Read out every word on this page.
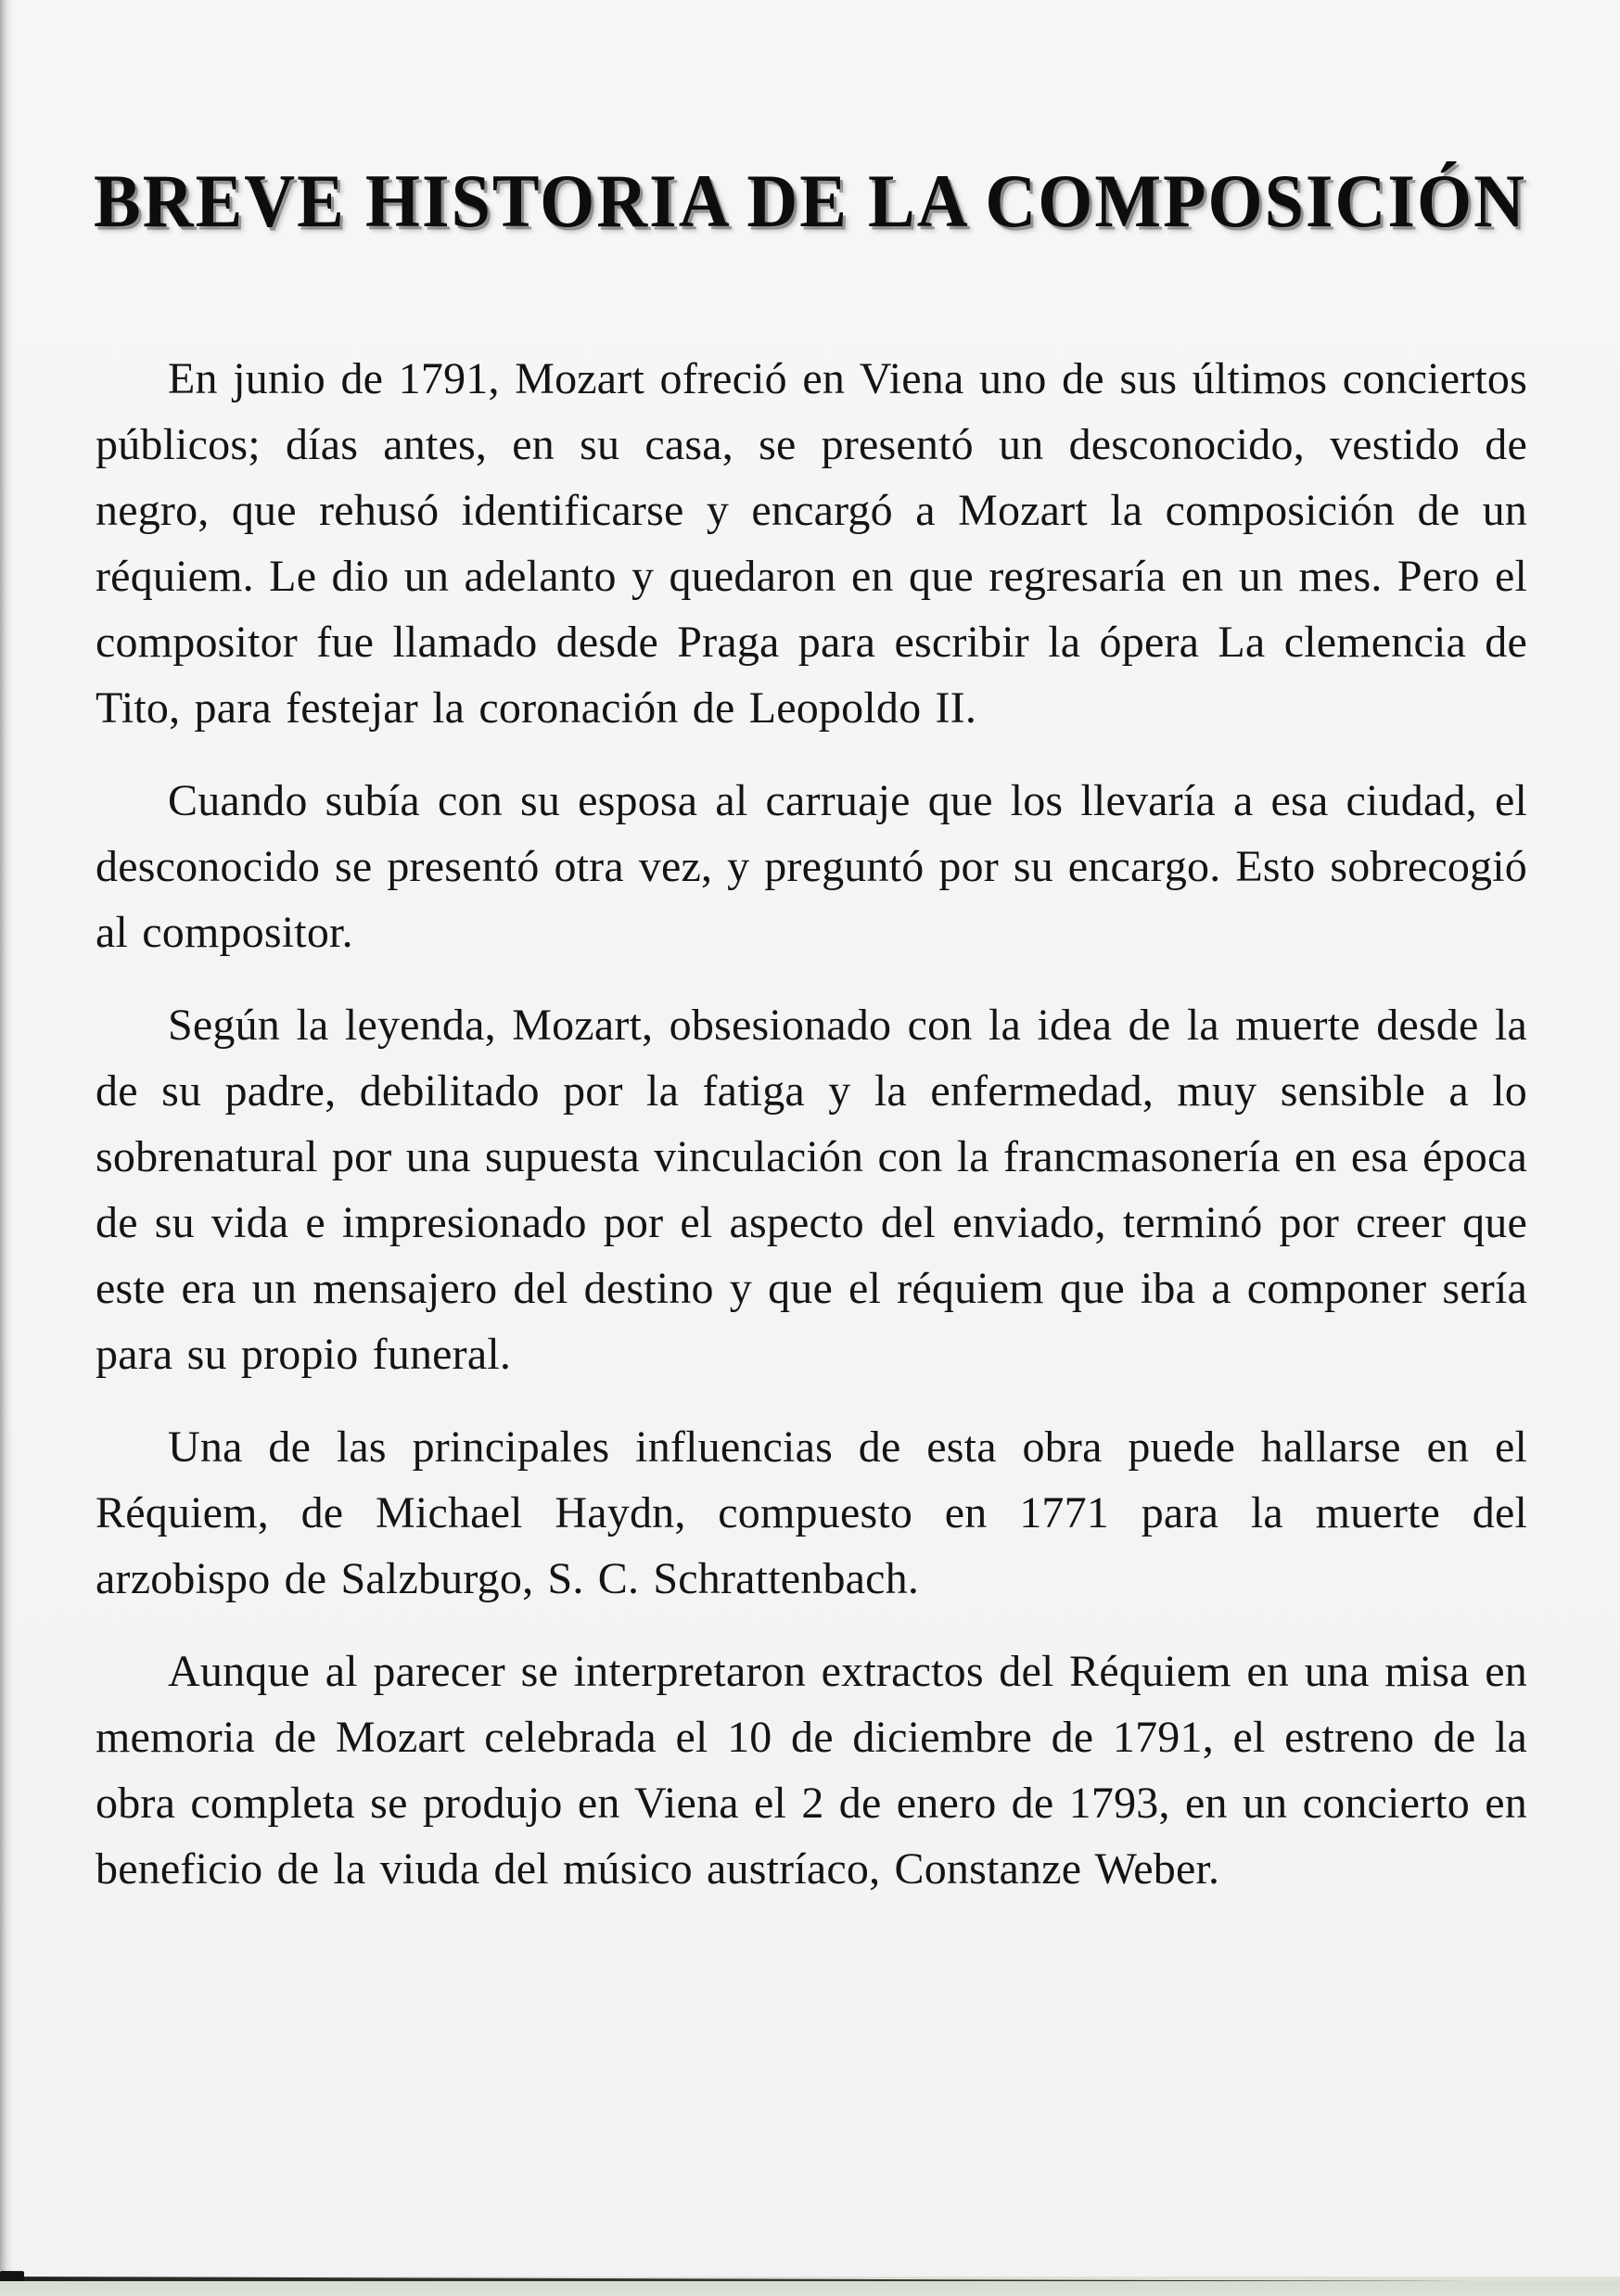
BREVE HISTORIA DE LA COMPOSICIÓN

En junio de 1791, Mozart ofreció en Viena uno de sus últimos conciertos públicos; días antes, en su casa, se presentó un desconocido, vestido de negro, que rehusó identificarse y encargó a Mozart la composición de un réquiem. Le dio un adelanto y quedaron en que regresaría en un mes. Pero el compositor fue llamado desde Praga para escribir la ópera La clemencia de Tito, para festejar la coronación de Leopoldo II.

Cuando subía con su esposa al carruaje que los llevaría a esa ciudad, el desconocido se presentó otra vez, y preguntó por su encargo. Esto sobrecogió al compositor.

Según la leyenda, Mozart, obsesionado con la idea de la muerte desde la de su padre, debilitado por la fatiga y la enfermedad, muy sensible a lo sobrenatural por una supuesta vinculación con la francmasonería en esa época de su vida e impresionado por el aspecto del enviado, terminó por creer que este era un mensajero del destino y que el réquiem que iba a componer sería para su propio funeral.

Una de las principales influencias de esta obra puede hallarse en el Réquiem, de Michael Haydn, compuesto en 1771 para la muerte del arzobispo de Salzburgo, S. C. Schrattenbach.

Aunque al parecer se interpretaron extractos del Réquiem en una misa en memoria de Mozart celebrada el 10 de diciembre de 1791, el estreno de la obra completa se produjo en Viena el 2 de enero de 1793, en un concierto en beneficio de la viuda del músico austríaco, Constanze Weber.
